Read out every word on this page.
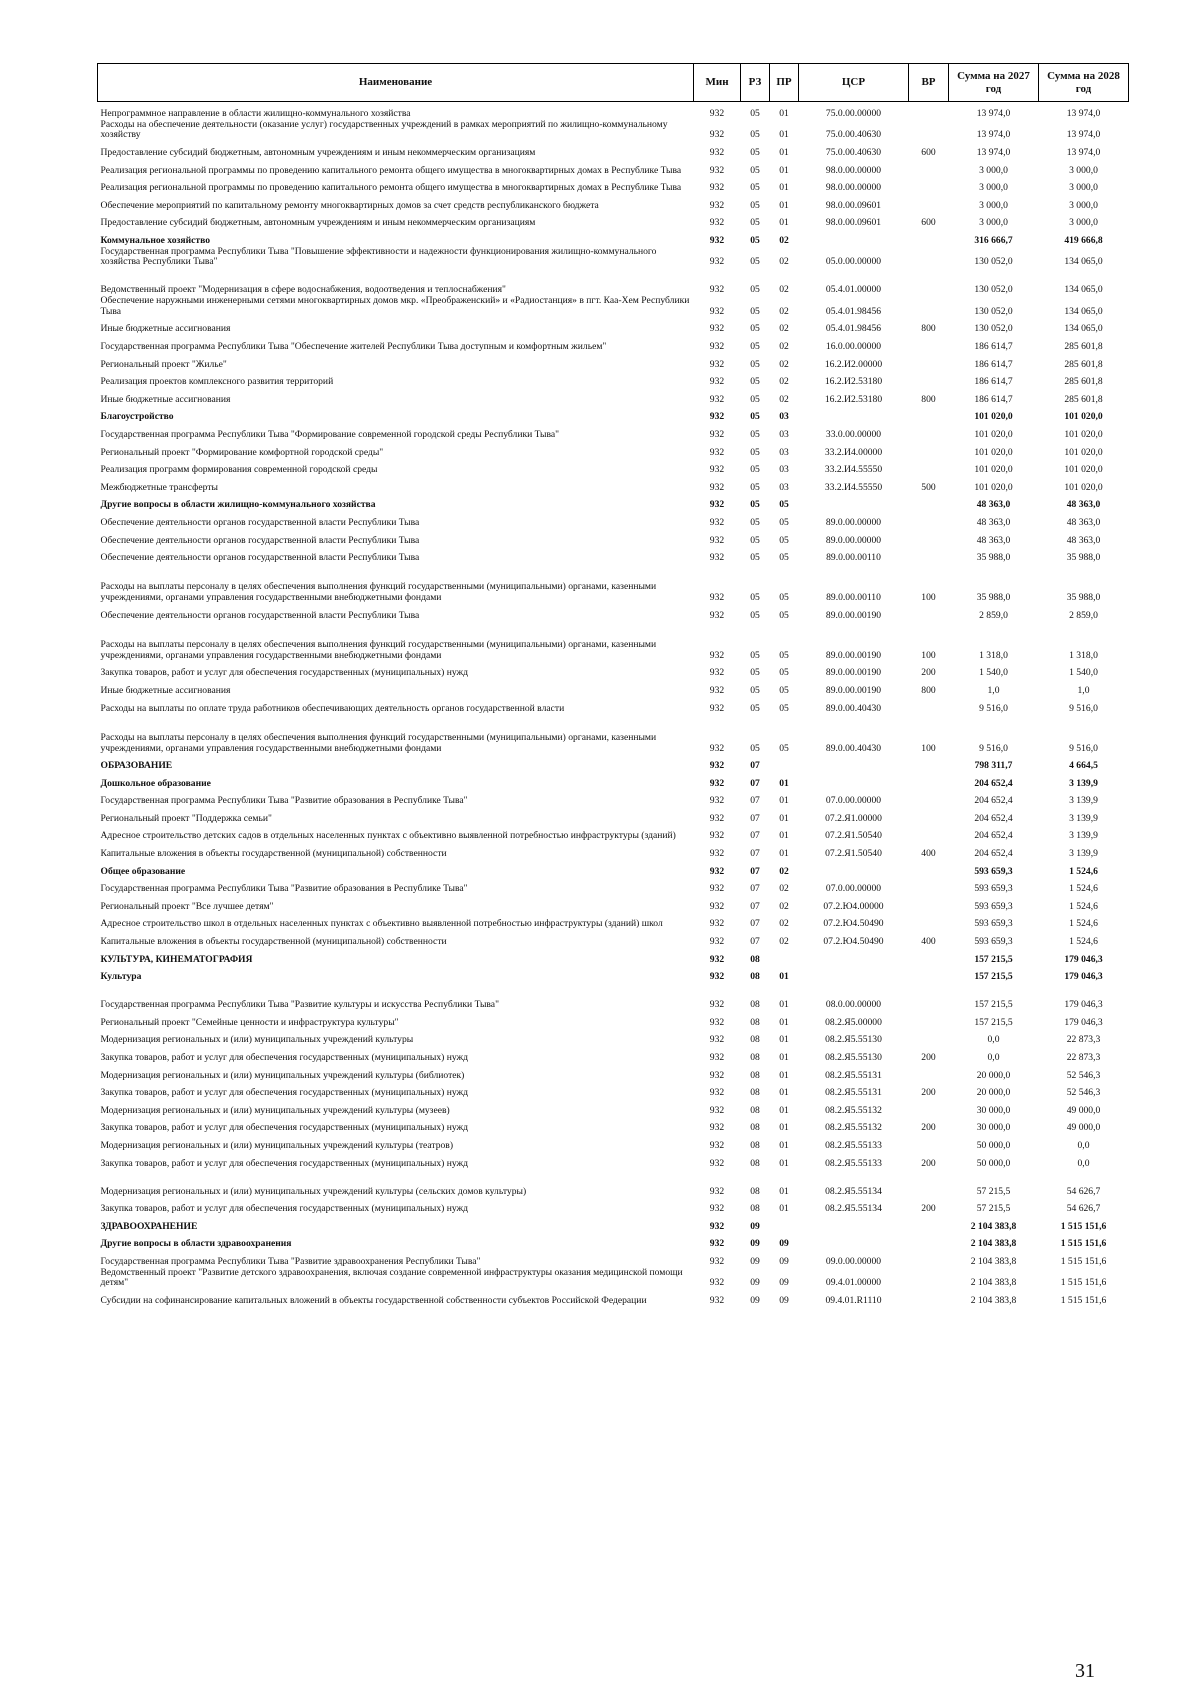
Наименование	Мин	РЗ	ПР	ЦСР	ВР	Сумма на 2027 год	Сумма на 2028 год
Непрограммное направление в области жилищно-коммунального хозяйства	932	05	01	75.0.00.00000		13 974,0	13 974,0
Расходы на обеспечение деятельности (оказание услуг) государственных учреждений в рамках мероприятий по жилищно-коммунальному хозяйству	932	05	01	75.0.00.40630		13 974,0	13 974,0
Предоставление субсидий бюджетным, автономным учреждениям и иным некоммерческим организациям	932	05	01	75.0.00.40630	600	13 974,0	13 974,0
Реализация региональной программы по проведению капитального ремонта общего имущества в многоквартирных домах в Республике Тыва	932	05	01	98.0.00.00000		3 000,0	3 000,0
Реализация региональной программы по проведению капитального ремонта общего имущества в многоквартирных домах в Республике Тыва	932	05	01	98.0.00.00000		3 000,0	3 000,0
Обеспечение мероприятий по капитальному ремонту многоквартирных домов за счет средств республиканского бюджета	932	05	01	98.0.00.09601		3 000,0	3 000,0
Предоставление субсидий бюджетным, автономным учреждениям и иным некоммерческим организациям	932	05	01	98.0.00.09601	600	3 000,0	3 000,0
Коммунальное хозяйство	932	05	02			316 666,7	419 666,8
Государственная программа Республики Тыва "Повышение эффективности и надежности функционирования жилищно-коммунального хозяйства Республики Тыва"	932	05	02	05.0.00.00000		130 052,0	134 065,0
Ведомственный проект "Модернизация в сфере водоснабжения, водоотведения и теплоснабжения"	932	05	02	05.4.01.00000		130 052,0	134 065,0
Обеспечение наружными инженерными сетями многоквартирных домов мкр. «Преображенский» и «Радиостанция» в пгт. Каа-Хем Республики Тыва	932	05	02	05.4.01.98456		130 052,0	134 065,0
Иные бюджетные ассигнования	932	05	02	05.4.01.98456	800	130 052,0	134 065,0
Государственная программа Республики Тыва "Обеспечение жителей Республики Тыва доступным и комфортным жильем"	932	05	02	16.0.00.00000		186 614,7	285 601,8
Региональный проект "Жилье"	932	05	02	16.2.И2.00000		186 614,7	285 601,8
Реализация проектов комплексного развития территорий	932	05	02	16.2.И2.53180		186 614,7	285 601,8
Иные бюджетные ассигнования	932	05	02	16.2.И2.53180	800	186 614,7	285 601,8
Благоустройство	932	05	03			101 020,0	101 020,0
Государственная программа Республики Тыва "Формирование современной городской среды Республики Тыва"	932	05	03	33.0.00.00000		101 020,0	101 020,0
Региональный проект "Формирование комфортной городской среды"	932	05	03	33.2.И4.00000		101 020,0	101 020,0
Реализация программ формирования современной городской среды	932	05	03	33.2.И4.55550		101 020,0	101 020,0
Межбюджетные трансферты	932	05	03	33.2.И4.55550	500	101 020,0	101 020,0
Другие вопросы в области жилищно-коммунального хозяйства	932	05	05			48 363,0	48 363,0
Обеспечение деятельности органов государственной власти Республики Тыва	932	05	05	89.0.00.00000		48 363,0	48 363,0
Обеспечение деятельности органов государственной власти Республики Тыва	932	05	05	89.0.00.00000		48 363,0	48 363,0
Обеспечение деятельности органов государственной власти Республики Тыва	932	05	05	89.0.00.00110		35 988,0	35 988,0
Расходы на выплаты персоналу в целях обеспечения выполнения функций государственными (муниципальными) органами, казенными учреждениями, органами управления государственными внебюджетными фондами	932	05	05	89.0.00.00110	100	35 988,0	35 988,0
Обеспечение деятельности органов государственной власти Республики Тыва	932	05	05	89.0.00.00190		2 859,0	2 859,0
Расходы на выплаты персоналу в целях обеспечения выполнения функций государственными (муниципальными) органами, казенными учреждениями, органами управления государственными внебюджетными фондами	932	05	05	89.0.00.00190	100	1 318,0	1 318,0
Закупка товаров, работ и услуг для обеспечения государственных (муниципальных) нужд	932	05	05	89.0.00.00190	200	1 540,0	1 540,0
Иные бюджетные ассигнования	932	05	05	89.0.00.00190	800	1,0	1,0
Расходы на выплаты по оплате труда работников обеспечивающих деятельность органов государственной власти	932	05	05	89.0.00.40430		9 516,0	9 516,0
Расходы на выплаты персоналу в целях обеспечения выполнения функций государственными (муниципальными) органами, казенными учреждениями, органами управления государственными внебюджетными фондами	932	05	05	89.0.00.40430	100	9 516,0	9 516,0
ОБРАЗОВАНИЕ	932	07				798 311,7	4 664,5
Дошкольное образование	932	07	01			204 652,4	3 139,9
Государственная программа Республики Тыва "Развитие образования в Республике Тыва"	932	07	01	07.0.00.00000		204 652,4	3 139,9
Региональный проект "Поддержка семьи"	932	07	01	07.2.Я1.00000		204 652,4	3 139,9
Адресное строительство детских садов в отдельных населенных пунктах с объективно выявленной потребностью инфраструктуры (зданий)	932	07	01	07.2.Я1.50540		204 652,4	3 139,9
Капитальные вложения в объекты государственной (муниципальной) собственности	932	07	01	07.2.Я1.50540	400	204 652,4	3 139,9
Общее образование	932	07	02			593 659,3	1 524,6
Государственная программа Республики Тыва "Развитие образования в Республике Тыва"	932	07	02	07.0.00.00000		593 659,3	1 524,6
Региональный проект "Все лучшее детям"	932	07	02	07.2.Ю4.00000		593 659,3	1 524,6
Адресное строительство школ в отдельных населенных пунктах с объективно выявленной потребностью инфраструктуры (зданий) школ	932	07	02	07.2.Ю4.50490		593 659,3	1 524,6
Капитальные вложения в объекты государственной (муниципальной) собственности	932	07	02	07.2.Ю4.50490	400	593 659,3	1 524,6
КУЛЬТУРА, КИНЕМАТОГРАФИЯ	932	08				157 215,5	179 046,3
Культура	932	08	01			157 215,5	179 046,3
Государственная программа Республики Тыва "Развитие культуры и искусства Республики Тыва"	932	08	01	08.0.00.00000		157 215,5	179 046,3
Региональный проект "Семейные ценности и инфраструктура культуры"	932	08	01	08.2.Я5.00000		157 215,5	179 046,3
Модернизация региональных и (или) муниципальных учреждений культуры	932	08	01	08.2.Я5.55130		0,0	22 873,3
Закупка товаров, работ и услуг для обеспечения государственных (муниципальных) нужд	932	08	01	08.2.Я5.55130	200	0,0	22 873,3
Модернизация региональных и (или) муниципальных учреждений культуры (библиотек)	932	08	01	08.2.Я5.55131		20 000,0	52 546,3
Закупка товаров, работ и услуг для обеспечения государственных (муниципальных) нужд	932	08	01	08.2.Я5.55131	200	20 000,0	52 546,3
Модернизация региональных и (или) муниципальных учреждений культуры (музеев)	932	08	01	08.2.Я5.55132		30 000,0	49 000,0
Закупка товаров, работ и услуг для обеспечения государственных (муниципальных) нужд	932	08	01	08.2.Я5.55132	200	30 000,0	49 000,0
Модернизация региональных и (или) муниципальных учреждений культуры (театров)	932	08	01	08.2.Я5.55133		50 000,0	0,0
Закупка товаров, работ и услуг для обеспечения государственных (муниципальных) нужд	932	08	01	08.2.Я5.55133	200	50 000,0	0,0
Модернизация региональных и (или) муниципальных учреждений культуры (сельских домов культуры)	932	08	01	08.2.Я5.55134		57 215,5	54 626,7
Закупка товаров, работ и услуг для обеспечения государственных (муниципальных) нужд	932	08	01	08.2.Я5.55134	200	57 215,5	54 626,7
ЗДРАВООХРАНЕНИЕ	932	09				2 104 383,8	1 515 151,6
Другие вопросы в области здравоохранения	932	09	09			2 104 383,8	1 515 151,6
Государственная программа Республики Тыва "Развитие здравоохранения Республики Тыва"	932	09	09	09.0.00.00000		2 104 383,8	1 515 151,6
Ведомственный проект "Развитие детского здравоохранения, включая создание современной инфраструктуры оказания медицинской помощи детям"	932	09	09	09.4.01.00000		2 104 383,8	1 515 151,6
Субсидии на софинансирование капитальных вложений в объекты государственной собственности субъектов Российской Федерации	932	09	09	09.4.01.R1110		2 104 383,8	1 515 151,6
31
